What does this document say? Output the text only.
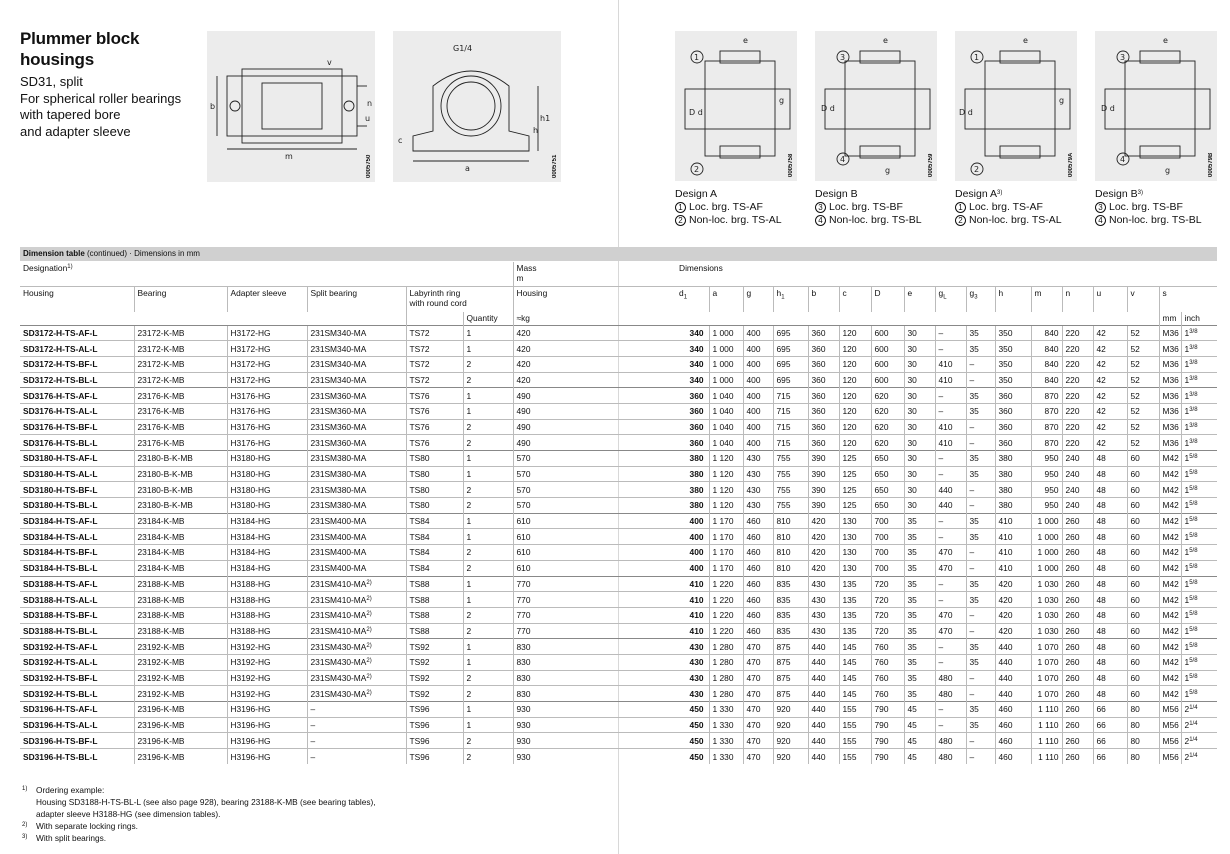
Plummer block
housings
SD31, split
For spherical roller bearings
with tapered bore
and adapter sleeve
b
m
v
n
u
0005750
G1/4
a
h1
h
c
0005751
1
2
e
D d
g
0005758
3
4
e
D d
g	0005759
1
2
e
D d
g
000579A
3
4
e
D d
g	000579B
Design A
1 Loc. brg. TS-AF
2 Non-loc. brg. TS-AL
Design B
3 Loc. brg. TS-BF
4 Non-loc. brg. TS-BL
Design $A^{3)}$
1 Loc. brg. TS-AF
2 Non-loc. brg. TS-AL
Design $B^{3)}$
3 Loc. brg. TS-BF
4 Non-loc. brg. TS-BL
Dimension table (continued) · Dimensions in mm
Designation$^{1)}$						Mass
m	Dimensions																
Housing	Bearing	Adapter sleeve	Split bearing	Labyrinth ring
with round cord		Housing	$d_1$	a	g	$h_1$	b	c	D	e	$g_L$	$g_3$	h	m	n	u	v	s	
					Quantity	≈kg																mm	inch
SD3172-H-TS-AF-L	23172-K-MB	H3172-HG	231SM340-MA	TS72	1	420	340	1 000	400	695	360	120	600	30	–	35	350	840	220	42	52	M36	$1^{3/8}$
SD3172-H-TS-AL-L	23172-K-MB	H3172-HG	231SM340-MA	TS72	1	420	340	1 000	400	695	360	120	600	30	–	35	350	840	220	42	52	M36	$1^{3/8}$
SD3172-H-TS-BF-L	23172-K-MB	H3172-HG	231SM340-MA	TS72	2	420	340	1 000	400	695	360	120	600	30	410	–	350	840	220	42	52	M36	$1^{3/8}$
SD3172-H-TS-BL-L	23172-K-MB	H3172-HG	231SM340-MA	TS72	2	420	340	1 000	400	695	360	120	600	30	410	–	350	840	220	42	52	M36	$1^{3/8}$
SD3176-H-TS-AF-L	23176-K-MB	H3176-HG	231SM360-MA	TS76	1	490	360	1 040	400	715	360	120	620	30	–	35	360	870	220	42	52	M36	$1^{3/8}$
SD3176-H-TS-AL-L	23176-K-MB	H3176-HG	231SM360-MA	TS76	1	490	360	1 040	400	715	360	120	620	30	–	35	360	870	220	42	52	M36	$1^{3/8}$
SD3176-H-TS-BF-L	23176-K-MB	H3176-HG	231SM360-MA	TS76	2	490	360	1 040	400	715	360	120	620	30	410	–	360	870	220	42	52	M36	$1^{3/8}$
SD3176-H-TS-BL-L	23176-K-MB	H3176-HG	231SM360-MA	TS76	2	490	360	1 040	400	715	360	120	620	30	410	–	360	870	220	42	52	M36	$1^{3/8}$
SD3180-H-TS-AF-L	23180-B-K-MB	H3180-HG	231SM380-MA	TS80	1	570	380	1 120	430	755	390	125	650	30	–	35	380	950	240	48	60	M42	$1^{5/8}$
SD3180-H-TS-AL-L	23180-B-K-MB	H3180-HG	231SM380-MA	TS80	1	570	380	1 120	430	755	390	125	650	30	–	35	380	950	240	48	60	M42	$1^{5/8}$
SD3180-H-TS-BF-L	23180-B-K-MB	H3180-HG	231SM380-MA	TS80	2	570	380	1 120	430	755	390	125	650	30	440	–	380	950	240	48	60	M42	$1^{5/8}$
SD3180-H-TS-BL-L	23180-B-K-MB	H3180-HG	231SM380-MA	TS80	2	570	380	1 120	430	755	390	125	650	30	440	–	380	950	240	48	60	M42	$1^{5/8}$
SD3184-H-TS-AF-L	23184-K-MB	H3184-HG	231SM400-MA	TS84	1	610	400	1 170	460	810	420	130	700	35	–	35	410	1 000	260	48	60	M42	$1^{5/8}$
SD3184-H-TS-AL-L	23184-K-MB	H3184-HG	231SM400-MA	TS84	1	610	400	1 170	460	810	420	130	700	35	–	35	410	1 000	260	48	60	M42	$1^{5/8}$
SD3184-H-TS-BF-L	23184-K-MB	H3184-HG	231SM400-MA	TS84	2	610	400	1 170	460	810	420	130	700	35	470	–	410	1 000	260	48	60	M42	$1^{5/8}$
SD3184-H-TS-BL-L	23184-K-MB	H3184-HG	231SM400-MA	TS84	2	610	400	1 170	460	810	420	130	700	35	470	–	410	1 000	260	48	60	M42	$1^{5/8}$
SD3188-H-TS-AF-L	23188-K-MB	H3188-HG	231SM410-MA$^{2)}$	TS88	1	770	410	1 220	460	835	430	135	720	35	–	35	420	1 030	260	48	60	M42	$1^{5/8}$
SD3188-H-TS-AL-L	23188-K-MB	H3188-HG	231SM410-MA$^{2)}$	TS88	1	770	410	1 220	460	835	430	135	720	35	–	35	420	1 030	260	48	60	M42	$1^{5/8}$
SD3188-H-TS-BF-L	23188-K-MB	H3188-HG	231SM410-MA$^{2)}$	TS88	2	770	410	1 220	460	835	430	135	720	35	470	–	420	1 030	260	48	60	M42	$1^{5/8}$
SD3188-H-TS-BL-L	23188-K-MB	H3188-HG	231SM410-MA$^{2)}$	TS88	2	770	410	1 220	460	835	430	135	720	35	470	–	420	1 030	260	48	60	M42	$1^{5/8}$
SD3192-H-TS-AF-L	23192-K-MB	H3192-HG	231SM430-MA$^{2)}$	TS92	1	830	430	1 280	470	875	440	145	760	35	–	35	440	1 070	260	48	60	M42	$1^{5/8}$
SD3192-H-TS-AL-L	23192-K-MB	H3192-HG	231SM430-MA$^{2)}$	TS92	1	830	430	1 280	470	875	440	145	760	35	–	35	440	1 070	260	48	60	M42	$1^{5/8}$
SD3192-H-TS-BF-L	23192-K-MB	H3192-HG	231SM430-MA$^{2)}$	TS92	2	830	430	1 280	470	875	440	145	760	35	480	–	440	1 070	260	48	60	M42	$1^{5/8}$
SD3192-H-TS-BL-L	23192-K-MB	H3192-HG	231SM430-MA$^{2)}$	TS92	2	830	430	1 280	470	875	440	145	760	35	480	–	440	1 070	260	48	60	M42	$1^{5/8}$
SD3196-H-TS-AF-L	23196-K-MB	H3196-HG	–	TS96	1	930	450	1 330	470	920	440	155	790	45	–	35	460	1 110	260	66	80	M56	$2^{1/4}$
SD3196-H-TS-AL-L	23196-K-MB	H3196-HG	–	TS96	1	930	450	1 330	470	920	440	155	790	45	–	35	460	1 110	260	66	80	M56	$2^{1/4}$
SD3196-H-TS-BF-L	23196-K-MB	H3196-HG	–	TS96	2	930	450	1 330	470	920	440	155	790	45	480	–	460	1 110	260	66	80	M56	$2^{1/4}$
SD3196-H-TS-BL-L	23196-K-MB	H3196-HG	–	TS96	2	930	450	1 330	470	920	440	155	790	45	480	–	460	1 110	260	66	80	M56	$2^{1/4}$
1) Ordering example:
Housing SD3188-H-TS-BL-L (see also page 928), bearing 23188-K-MB (see bearing tables),
adapter sleeve H3188-HG (see dimension tables).
2) With separate locking rings.
3) With split bearings.
